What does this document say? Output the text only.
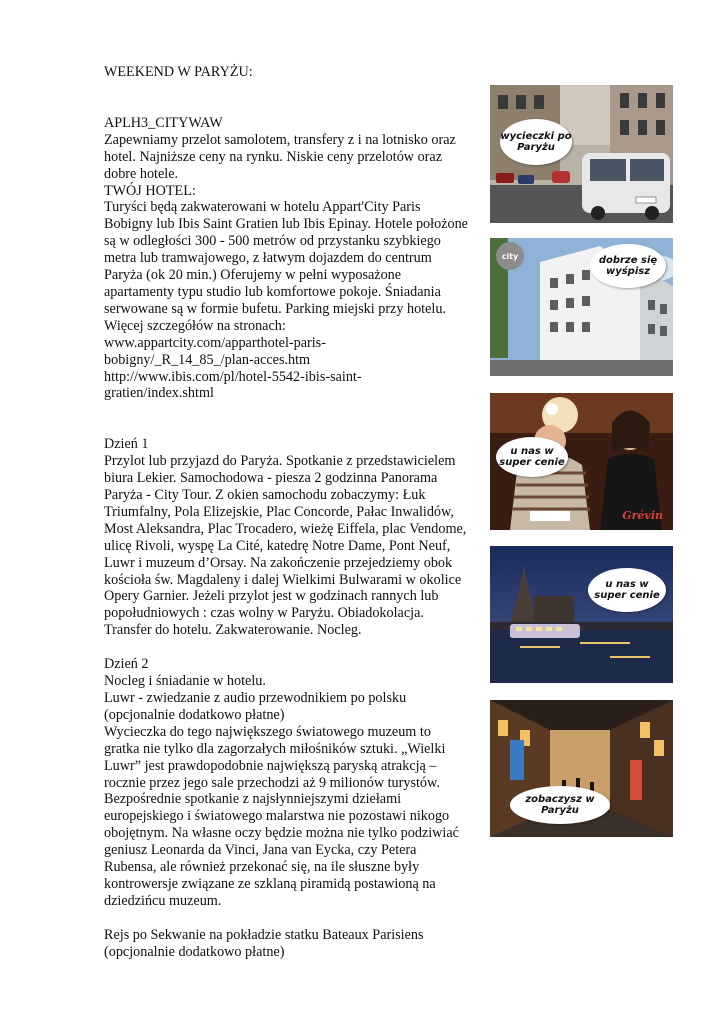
WEEKEND W PARYŻU:

APLH3_CITYWAW

Zapewniamy przelot samolotem, transfery z i na lotnisko oraz

hotel. Najniższe ceny na rynku. Niskie ceny przelotów oraz

dobre hotele.

TWÓJ HOTEL:

Turyści będą zakwaterowani w hotelu Appart'City Paris

Bobigny lub Ibis Saint Gratien lub Ibis Epinay. Hotele położone

są w odległości 300 - 500 metrów od przystanku szybkiego

metra lub tramwajowego, z łatwym dojazdem do centrum

Paryża (ok 20 min.) Oferujemy w pełni wyposażone

apartamenty typu studio lub komfortowe pokoje. Śniadania

serwowane są w formie bufetu. Parking miejski przy hotelu.

Więcej szczegółów na stronach:

www.appartcity.com/apparthotel-paris-

bobigny/_R_14_85_/plan-acces.htm

http://www.ibis.com/pl/hotel-5542-ibis-saint-

gratien/index.shtml

Dzień 1

Przylot lub przyjazd do Paryża. Spotkanie z przedstawicielem

biura Lekier. Samochodowa - piesza 2 godzinna Panorama

Paryża - City Tour. Z okien samochodu zobaczymy: Łuk

Triumfalny, Pola Elizejskie, Plac Concorde, Pałac Inwalidów,

Most Aleksandra, Plac Trocadero, wieżę Eiffela, plac Vendome,

ulicę Rivoli, wyspę La Cité, katedrę Notre Dame, Pont Neuf,

Luwr i muzeum d’Orsay. Na zakończenie przejedziemy obok

kościoła św. Magdaleny i dalej Wielkimi Bulwarami w okolice

Opery Garnier. Jeżeli przylot jest w godzinach rannych lub

popołudniowych : czas wolny w Paryżu. Obiadokolacja.

Transfer do hotelu. Zakwaterowanie. Nocleg.

Dzień 2

Nocleg i śniadanie w hotelu.

Luwr - zwiedzanie z audio przewodnikiem po polsku

(opcjonalnie dodatkowo płatne)

Wycieczka do tego największego światowego muzeum to

gratka nie tylko dla zagorzałych miłośników sztuki. „Wielki

Luwr” jest prawdopodobnie największą paryską atrakcją –

rocznie przez jego sale przechodzi aż 9 milionów turystów.

Bezpośrednie spotkanie z najsłynniejszymi dziełami

europejskiego i światowego malarstwa nie pozostawi nikogo

obojętnym. Na własne oczy będzie można nie tylko podziwiać

geniusz Leonarda da Vinci, Jana van Eycka, czy Petera

Rubensa, ale również przekonać się, na ile słuszne były

kontrowersje związane ze szklaną piramidą postawioną na

dziedzińcu muzeum.

Rejs po Sekwanie na pokładzie statku Bateaux Parisiens

(opcjonalnie dodatkowo płatne)

wycieczki po Paryżu
city	dobrze się wyśpisz
u nas w super cenie
Grévin
u nas w super cenie
zobaczysz w Paryżu
